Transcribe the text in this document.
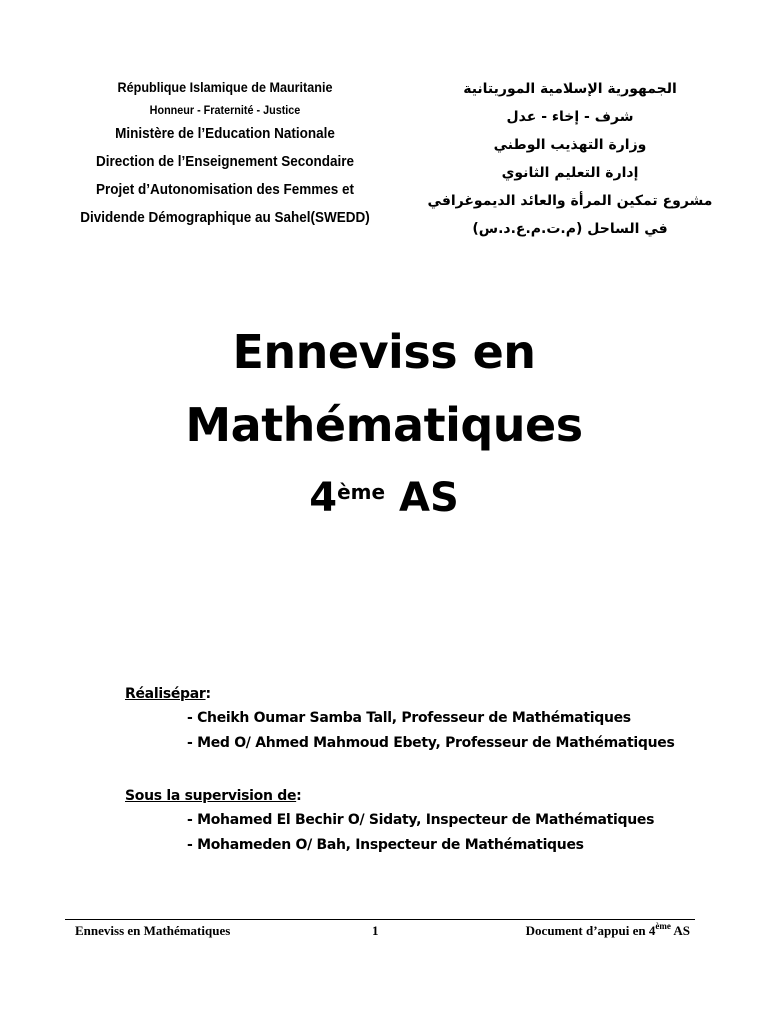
République Islamique de Mauritanie
Honneur - Fraternité - Justice
Ministère de l’Education Nationale
Direction de l’Enseignement Secondaire
Projet d’Autonomisation des Femmes et
Dividende Démographique au Sahel(SWEDD)
الجمهورية الإسلامية الموريتانية
شرف - إخاء - عدل
وزارة التهذيب الوطني
إدارة التعليم الثانوي
مشروع تمكين المرأة والعائد الديموغرافي
في الساحل (م.ت.م.ع.د.س)
Enneviss en
Mathématiques
4ème AS
Réalisépar:
- Cheikh Oumar Samba Tall, Professeur de Mathématiques
- Med O/ Ahmed Mahmoud Ebety, Professeur de Mathématiques
Sous la supervision de:
- Mohamed El Bechir O/ Sidaty, Inspecteur de Mathématiques
- Mohameden O/ Bah, Inspecteur de Mathématiques
Enneviss en Mathématiques	1	Document d’appui en 4ème AS
